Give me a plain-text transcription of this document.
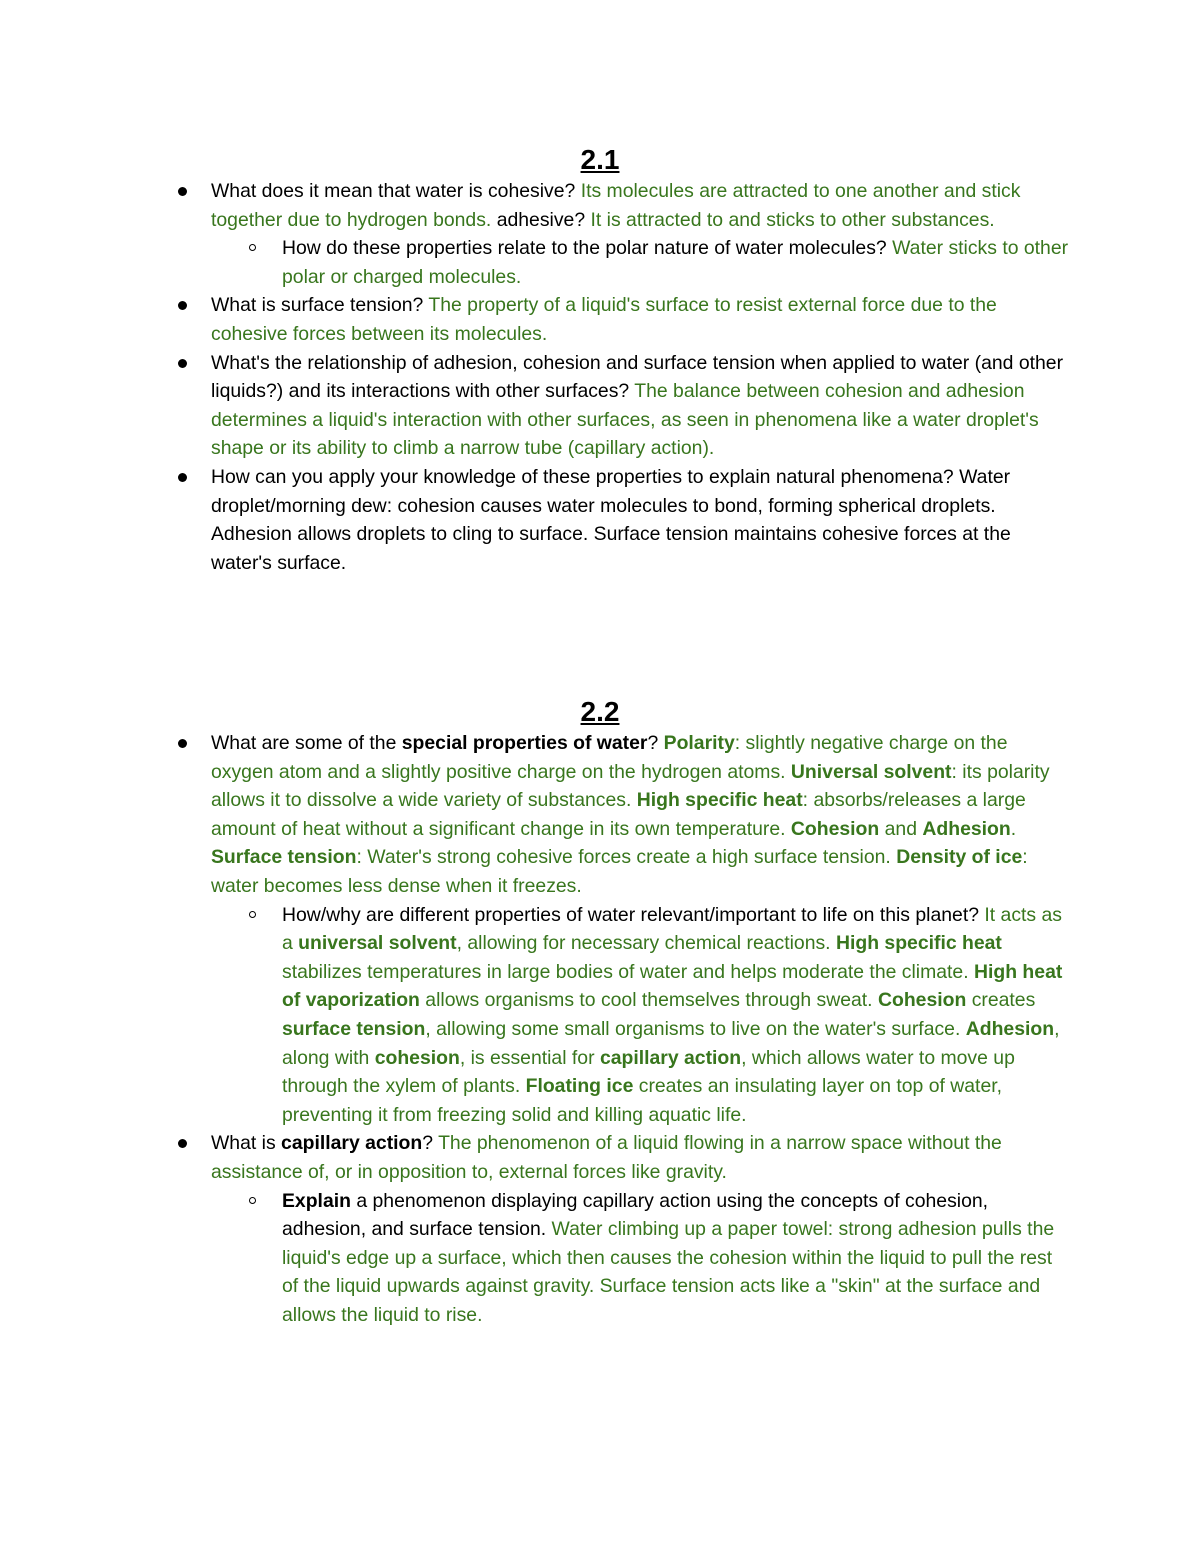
2.1
What does it mean that water is cohesive? Its molecules are attracted to one another and stick together due to hydrogen bonds. adhesive? It is attracted to and sticks to other substances.
How do these properties relate to the polar nature of water molecules? Water sticks to other polar or charged molecules.
What is surface tension? The property of a liquid's surface to resist external force due to the cohesive forces between its molecules.
What's the relationship of adhesion, cohesion and surface tension when applied to water (and other liquids?) and its interactions with other surfaces? The balance between cohesion and adhesion determines a liquid's interaction with other surfaces, as seen in phenomena like a water droplet's shape or its ability to climb a narrow tube (capillary action).
How can you apply your knowledge of these properties to explain natural phenomena? Water droplet/morning dew: cohesion causes water molecules to bond, forming spherical droplets. Adhesion allows droplets to cling to surface. Surface tension maintains cohesive forces at the water's surface.
2.2
What are some of the special properties of water? Polarity: slightly negative charge on the oxygen atom and a slightly positive charge on the hydrogen atoms. Universal solvent: its polarity allows it to dissolve a wide variety of substances. High specific heat: absorbs/releases a large amount of heat without a significant change in its own temperature. Cohesion and Adhesion. Surface tension: Water's strong cohesive forces create a high surface tension. Density of ice: water becomes less dense when it freezes.
How/why are different properties of water relevant/important to life on this planet? It acts as a universal solvent, allowing for necessary chemical reactions. High specific heat stabilizes temperatures in large bodies of water and helps moderate the climate. High heat of vaporization allows organisms to cool themselves through sweat. Cohesion creates surface tension, allowing some small organisms to live on the water's surface. Adhesion, along with cohesion, is essential for capillary action, which allows water to move up through the xylem of plants. Floating ice creates an insulating layer on top of water, preventing it from freezing solid and killing aquatic life.
What is capillary action? The phenomenon of a liquid flowing in a narrow space without the assistance of, or in opposition to, external forces like gravity.
Explain a phenomenon displaying capillary action using the concepts of cohesion, adhesion, and surface tension. Water climbing up a paper towel: strong adhesion pulls the liquid's edge up a surface, which then causes the cohesion within the liquid to pull the rest of the liquid upwards against gravity. Surface tension acts like a "skin" at the surface and allows the liquid to rise.
